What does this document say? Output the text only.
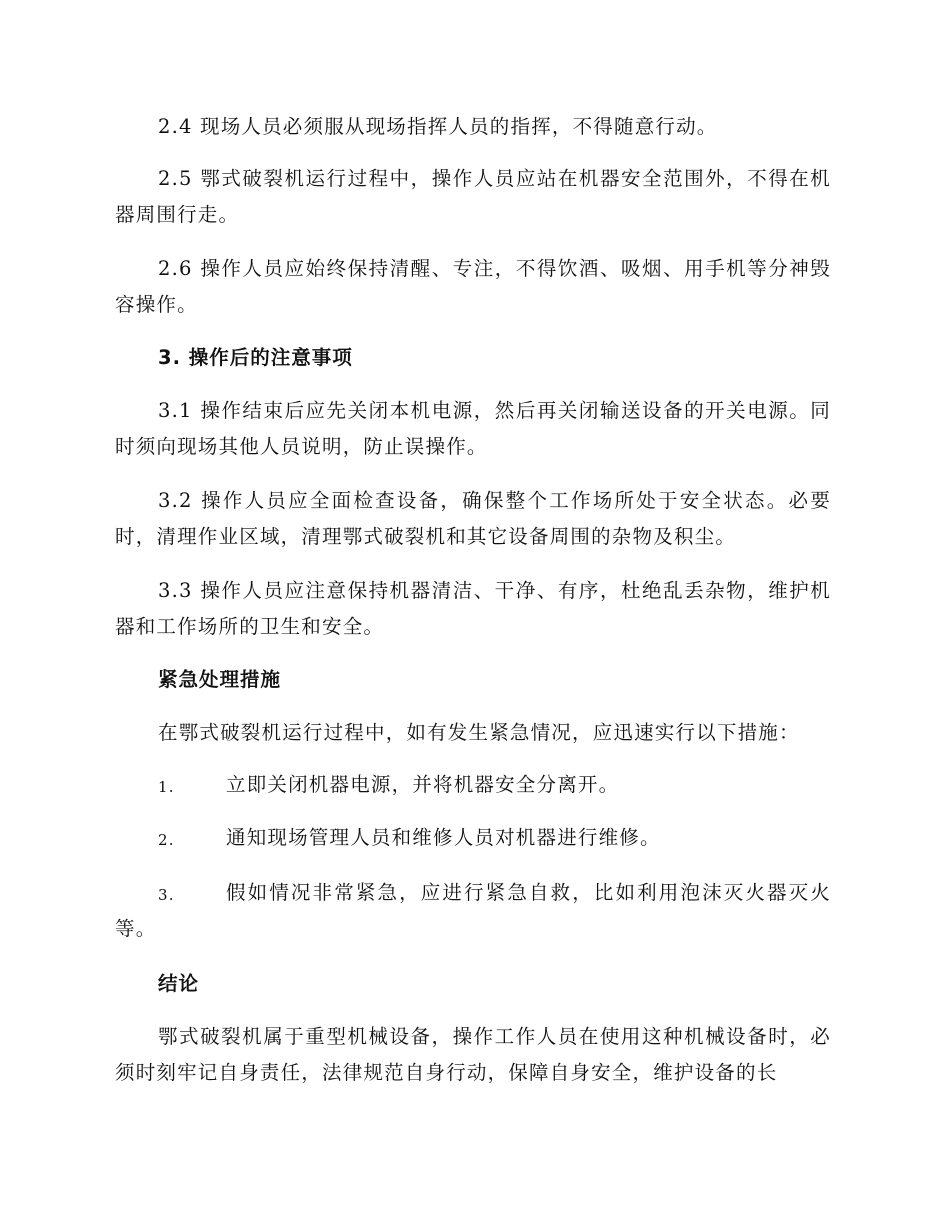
2.4 现场人员必须服从现场指挥人员的指挥，不得随意行动。

2.5 鄂式破裂机运行过程中，操作人员应站在机器安全范围外，不得在机器周围行走。

2.6 操作人员应始终保持清醒、专注，不得饮酒、吸烟、用手机等分神毁容操作。

3. 操作后的注意事项

3.1 操作结束后应先关闭本机电源，然后再关闭输送设备的开关电源。同时须向现场其他人员说明，防止误操作。

3.2 操作人员应全面检查设备，确保整个工作场所处于安全状态。必要时，清理作业区域，清理鄂式破裂机和其它设备周围的杂物及积尘。

3.3 操作人员应注意保持机器清洁、干净、有序，杜绝乱丢杂物，维护机器和工作场所的卫生和安全。

紧急处理措施

在鄂式破裂机运行过程中，如有发生紧急情况，应迅速实行以下措施：

1.	立即关闭机器电源，并将机器安全分离开。
2.	通知现场管理人员和维修人员对机器进行维修。
3.	假如情况非常紧急，应进行紧急自救，比如利用泡沫灭火器灭火等。
结论

鄂式破裂机属于重型机械设备，操作工作人员在使用这种机械设备时，必须时刻牢记自身责任，法律规范自身行动，保障自身安全，维护设备的长
